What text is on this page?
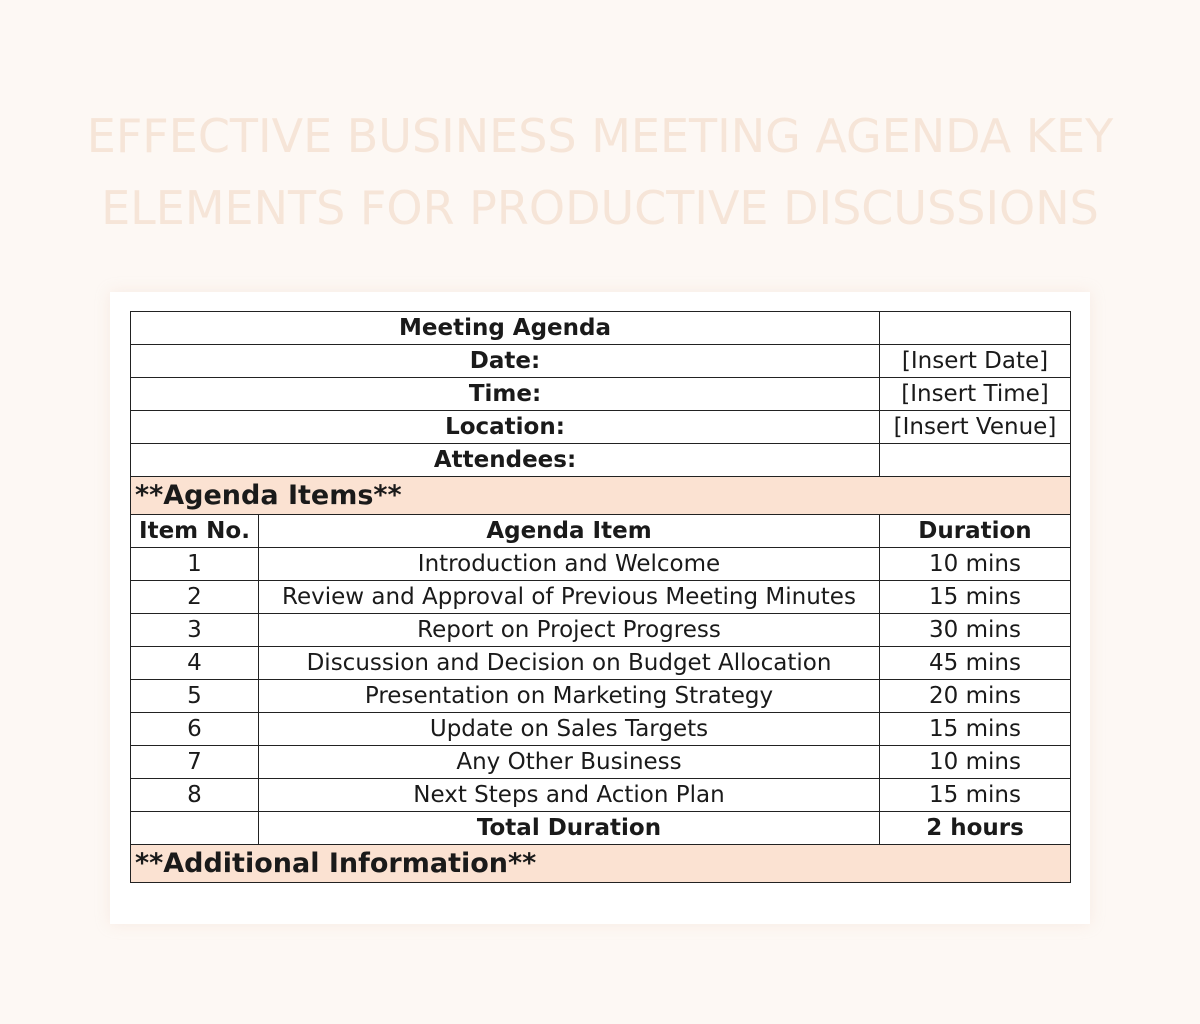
EFFECTIVE BUSINESS MEETING AGENDA KEY
ELEMENTS FOR PRODUCTIVE DISCUSSIONS
Meeting Agenda		
Date:		[Insert Date]
Time:		[Insert Time]
Location:		[Insert Venue]
Attendees:		
**Agenda Items**		
Item No.	Agenda Item	Duration
1	Introduction and Welcome	10 mins
2	Review and Approval of Previous Meeting Minutes	15 mins
3	Report on Project Progress	30 mins
4	Discussion and Decision on Budget Allocation	45 mins
5	Presentation on Marketing Strategy	20 mins
6	Update on Sales Targets	15 mins
7	Any Other Business	10 mins
8	Next Steps and Action Plan	15 mins
	Total Duration	2 hours
**Additional Information**		
